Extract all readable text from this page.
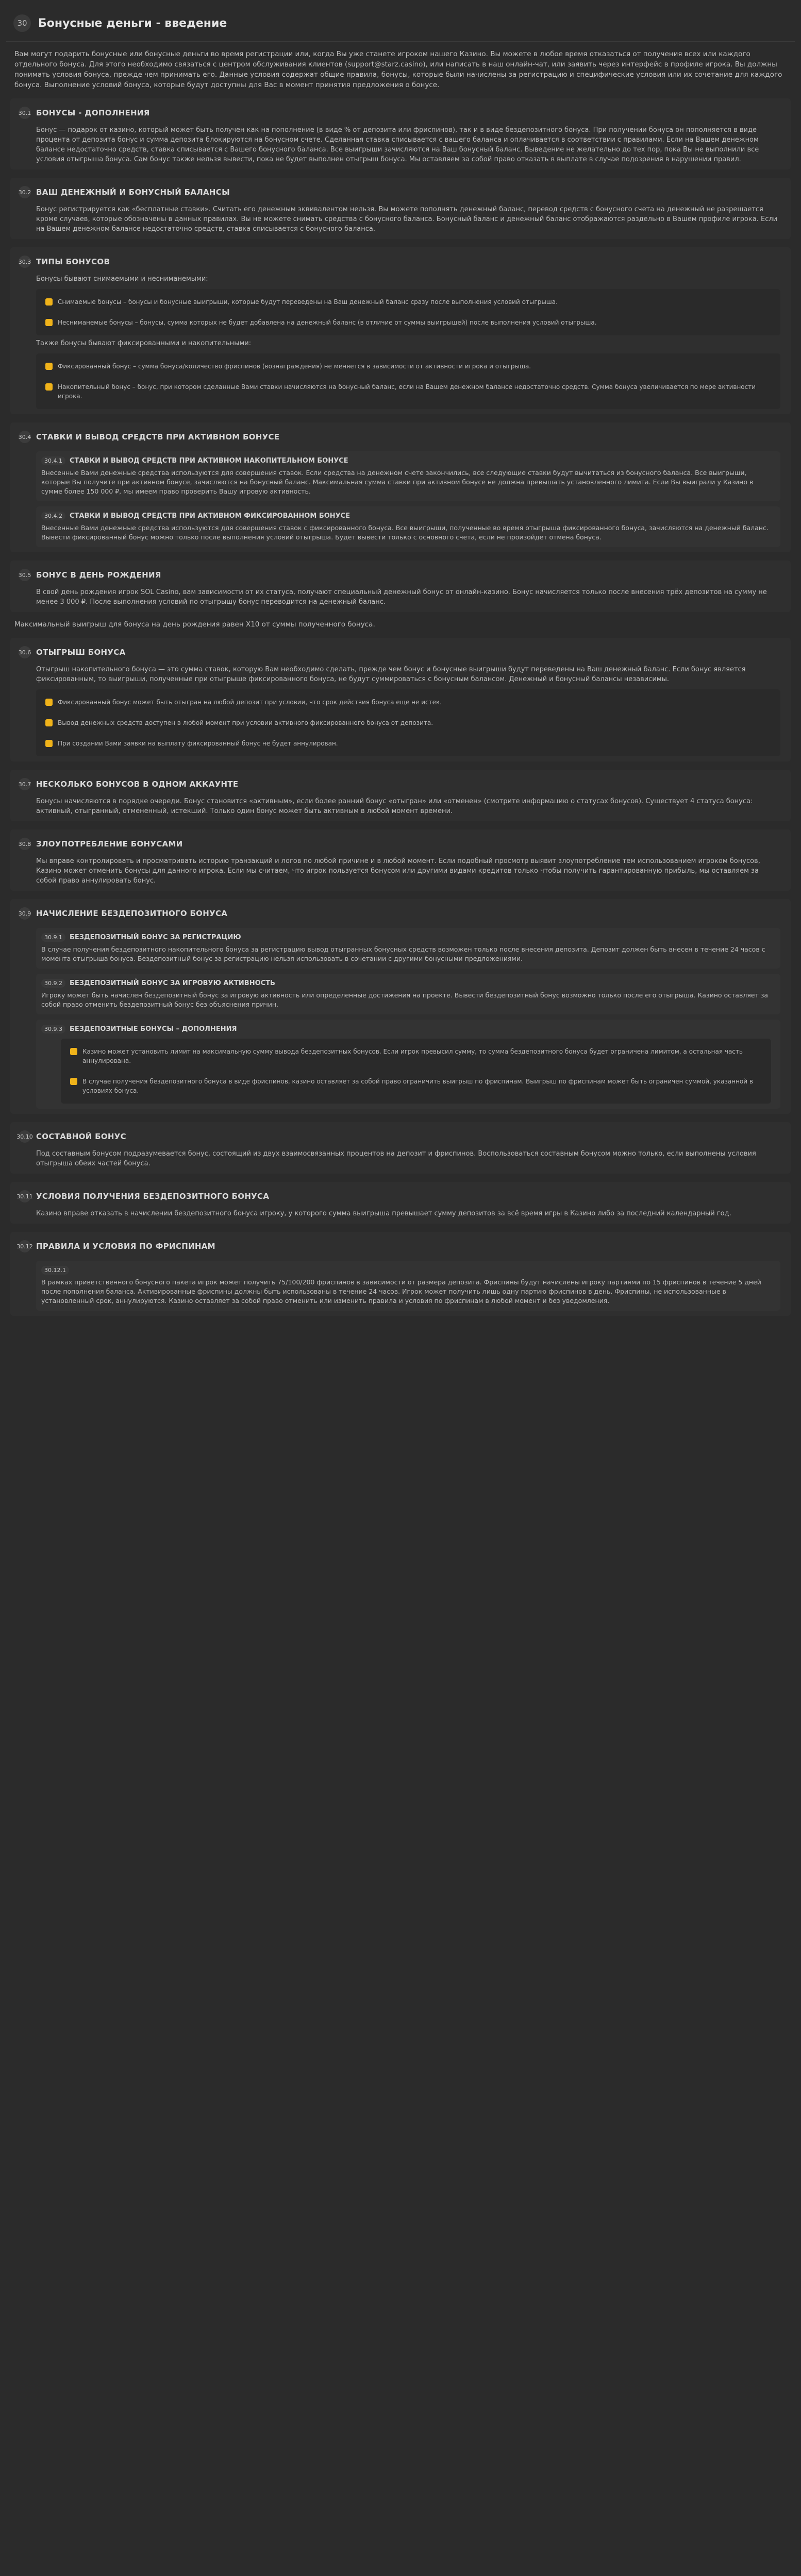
30 Бонусные деньги - введение
Вам могут подарить бонусные или бонусные деньги во время регистрации или, когда Вы уже станете игроком нашего Казино. Вы можете в любое время отказаться от получения всех или каждого отдельного бонуса. Для этого необходимо связаться с центром обслуживания клиентов (support@starz.casino), или написать в наш онлайн-чат, или заявить через интерфейс в профиле игрока. Вы должны понимать условия бонуса, прежде чем принимать его. Данные условия содержат общие правила, бонусы, которые были начислены за регистрацию и специфические условия или их сочетание для каждого бонуса. Выполнение условий бонуса, которые будут доступны для Вас в момент принятия предложения о бонусе.
30.1 БОНУСЫ - ДОПОЛНЕНИЯ
Бонус — подарок от казино, который может быть получен как на пополнение (в виде % от депозита или фриспинов), так и в виде бездепозитного бонуса. При получении бонуса он пополняется в виде процента от депозита бонус и сумма депозита блокируются на бонусном счете. Сделанная ставка списывается с вашего баланса и оплачивается в соответствии с правилами. Если на Вашем денежном балансе недостаточно средств, ставка списывается с Вашего бонусного баланса. Все выигрыши зачисляются на Ваш бонусный баланс. Выведение не желательно до тех пор, пока Вы не выполнили все условия отыгрыша бонуса. Сам бонус также нельзя вывести, пока не будет выполнен отыгрыш бонуса. Мы оставляем за собой право отказать в выплате в случае подозрения в нарушении правил.
30.2 ВАШ ДЕНЕЖНЫЙ И БОНУСНЫЙ БАЛАНСЫ
Бонус регистрируется как «бесплатные ставки». Считать его денежным эквивалентом нельзя. Вы можете пополнять денежный баланс, перевод средств с бонусного счета на денежный не разрешается кроме случаев, которые обозначены в данных правилах. Вы не можете снимать средства с бонусного баланса. Бонусный баланс и денежный баланс отображаются раздельно в Вашем профиле игрока. Если на Вашем денежном балансе недостаточно средств, ставка списывается с бонусного баланса.
30.3 ТИПЫ БОНУСОВ
Бонусы бывают снимаемыми и несниманемыми:
Снимаемые бонусы – бонусы и бонусные выигрыши, которые будут переведены на Ваш денежный баланс сразу после выполнения условий отыгрыша.
Несниманемые бонусы – бонусы, сумма которых не будет добавлена на денежный баланс (в отличие от суммы выигрышей) после выполнения условий отыгрыша.
Также бонусы бывают фиксированными и накопительными:
Фиксированный бонус – сумма бонуса/количество фриспинов (вознаграждения) не меняется в зависимости от активности игрока и отыгрыша.
Накопительный бонус – бонус, при котором сделанные Вами ставки начисляются на бонусный баланс, если на Вашем денежном балансе недостаточно средств. Сумма бонуса увеличивается по мере активности игрока.
30.4 СТАВКИ И ВЫВОД СРЕДСТВ ПРИ АКТИВНОМ БОНУСЕ
30.4.1	СТАВКИ И ВЫВОД СРЕДСТВ ПРИ АКТИВНОМ НАКОПИТЕЛЬНОМ БОНУСЕ
Внесенные Вами денежные средства используются для совершения ставок. Если средства на денежном счете закончились, все следующие ставки будут вычитаться из бонусного баланса. Все выигрыши, которые Вы получите при активном бонусе, зачисляются на бонусный баланс. Максимальная сумма ставки при активном бонусе не должна превышать установленного лимита. Если Вы выиграли у Казино в сумме более 150 000 ₽, мы имеем право проверить Вашу игровую активность.
30.4.2	СТАВКИ И ВЫВОД СРЕДСТВ ПРИ АКТИВНОМ ФИКСИРОВАННОМ БОНУСЕ
Внесенные Вами денежные средства используются для совершения ставок с фиксированного бонуса. Все выигрыши, полученные во время отыгрыша фиксированного бонуса, зачисляются на денежный баланс. Вывести фиксированный бонус можно только после выполнения условий отыгрыша. Будет вывести только с основного счета, если не произойдет отмена бонуса.
30.5 БОНУС В ДЕНЬ РОЖДЕНИЯ
В свой день рождения игрок SOL Casino, вам зависимости от их статуса, получают специальный денежный бонус от онлайн-казино. Бонус начисляется только после внесения трёх депозитов на сумму не менее 3 000 ₽. После выполнения условий по отыгрышу бонус переводится на денежный баланс.
Максимальный выигрыш для бонуса на день рождения равен X10 от суммы полученного бонуса.
30.6 ОТЫГРЫШ БОНУСА
Отыгрыш накопительного бонуса — это сумма ставок, которую Вам необходимо сделать, прежде чем бонус и бонусные выигрыши будут переведены на Ваш денежный баланс. Если бонус является фиксированным, то выигрыши, полученные при отыгрыше фиксированного бонуса, не будут суммироваться с бонусным балансом. Денежный и бонусный балансы независимы.
Фиксированный бонус может быть отыгран на любой депозит при условии, что срок действия бонуса еще не истек.
Вывод денежных средств доступен в любой момент при условии активного фиксированного бонуса от депозита.
При создании Вами заявки на выплату фиксированный бонус не будет аннулирован.
30.7 НЕСКОЛЬКО БОНУСОВ В ОДНОМ АККАУНТЕ
Бонусы начисляются в порядке очереди. Бонус становится «активным», если более ранний бонус «отыгран» или «отменен» (смотрите информацию о статусах бонусов). Существует 4 статуса бонуса: активный, отыгранный, отмененный, истекший. Только один бонус может быть активным в любой момент времени.
30.8 ЗЛОУПОТРЕБЛЕНИЕ БОНУСАМИ
Мы вправе контролировать и просматривать историю транзакций и логов по любой причине и в любой момент. Если подобный просмотр выявит злоупотребление тем использованием игроком бонусов, Казино может отменить бонусы для данного игрока. Если мы считаем, что игрок пользуется бонусом или другими видами кредитов только чтобы получить гарантированную прибыль, мы оставляем за собой право аннулировать бонус.
30.9 НАЧИСЛЕНИЕ БЕЗДЕПОЗИТНОГО БОНУСА
30.9.1	БЕЗДЕПОЗИТНЫЙ БОНУС ЗА РЕГИСТРАЦИЮ
В случае получения бездепозитного накопительного бонуса за регистрацию вывод отыгранных бонусных средств возможен только после внесения депозита. Депозит должен быть внесен в течение 24 часов с момента отыгрыша бонуса. Бездепозитный бонус за регистрацию нельзя использовать в сочетании с другими бонусными предложениями.
30.9.2	БЕЗДЕПОЗИТНЫЙ БОНУС ЗА ИГРОВУЮ АКТИВНОСТЬ
Игроку может быть начислен бездепозитный бонус за игровую активность или определенные достижения на проекте. Вывести бездепозитный бонус возможно только после его отыгрыша. Казино оставляет за собой право отменить бездепозитный бонус без объяснения причин.
30.9.3	БЕЗДЕПОЗИТНЫЕ БОНУСЫ – ДОПОЛНЕНИЯ
Казино может установить лимит на максимальную сумму вывода бездепозитных бонусов. Если игрок превысил сумму, то сумма бездепозитного бонуса будет ограничена лимитом, а остальная часть аннулирована.
В случае получения бездепозитного бонуса в виде фриспинов, казино оставляет за собой право ограничить выигрыш по фриспинам. Выигрыш по фриспинам может быть ограничен суммой, указанной в условиях бонуса.
30.10 СОСТАВНОЙ БОНУС
Под составным бонусом подразумевается бонус, состоящий из двух взаимосвязанных процентов на депозит и фриспинов. Воспользоваться составным бонусом можно только, если выполнены условия отыгрыша обеих частей бонуса.
30.11 УСЛОВИЯ ПОЛУЧЕНИЯ БЕЗДЕПОЗИТНОГО БОНУСА
Казино вправе отказать в начислении бездепозитного бонуса игроку, у которого сумма выигрыша превышает сумму депозитов за всё время игры в Казино либо за последний календарный год.
30.12 ПРАВИЛА И УСЛОВИЯ ПО ФРИСПИНАМ
30.12.1
В рамках приветственного бонусного пакета игрок может получить 75/100/200 фриспинов в зависимости от размера депозита. Фриспины будут начислены игроку партиями по 15 фриспинов в течение 5 дней после пополнения баланса. Активированные фриспины должны быть использованы в течение 24 часов. Игрок может получить лишь одну партию фриспинов в день. Фриспины, не использованные в установленный срок, аннулируются. Казино оставляет за собой право отменить или изменить правила и условия по фриспинам в любой момент и без уведомления.
